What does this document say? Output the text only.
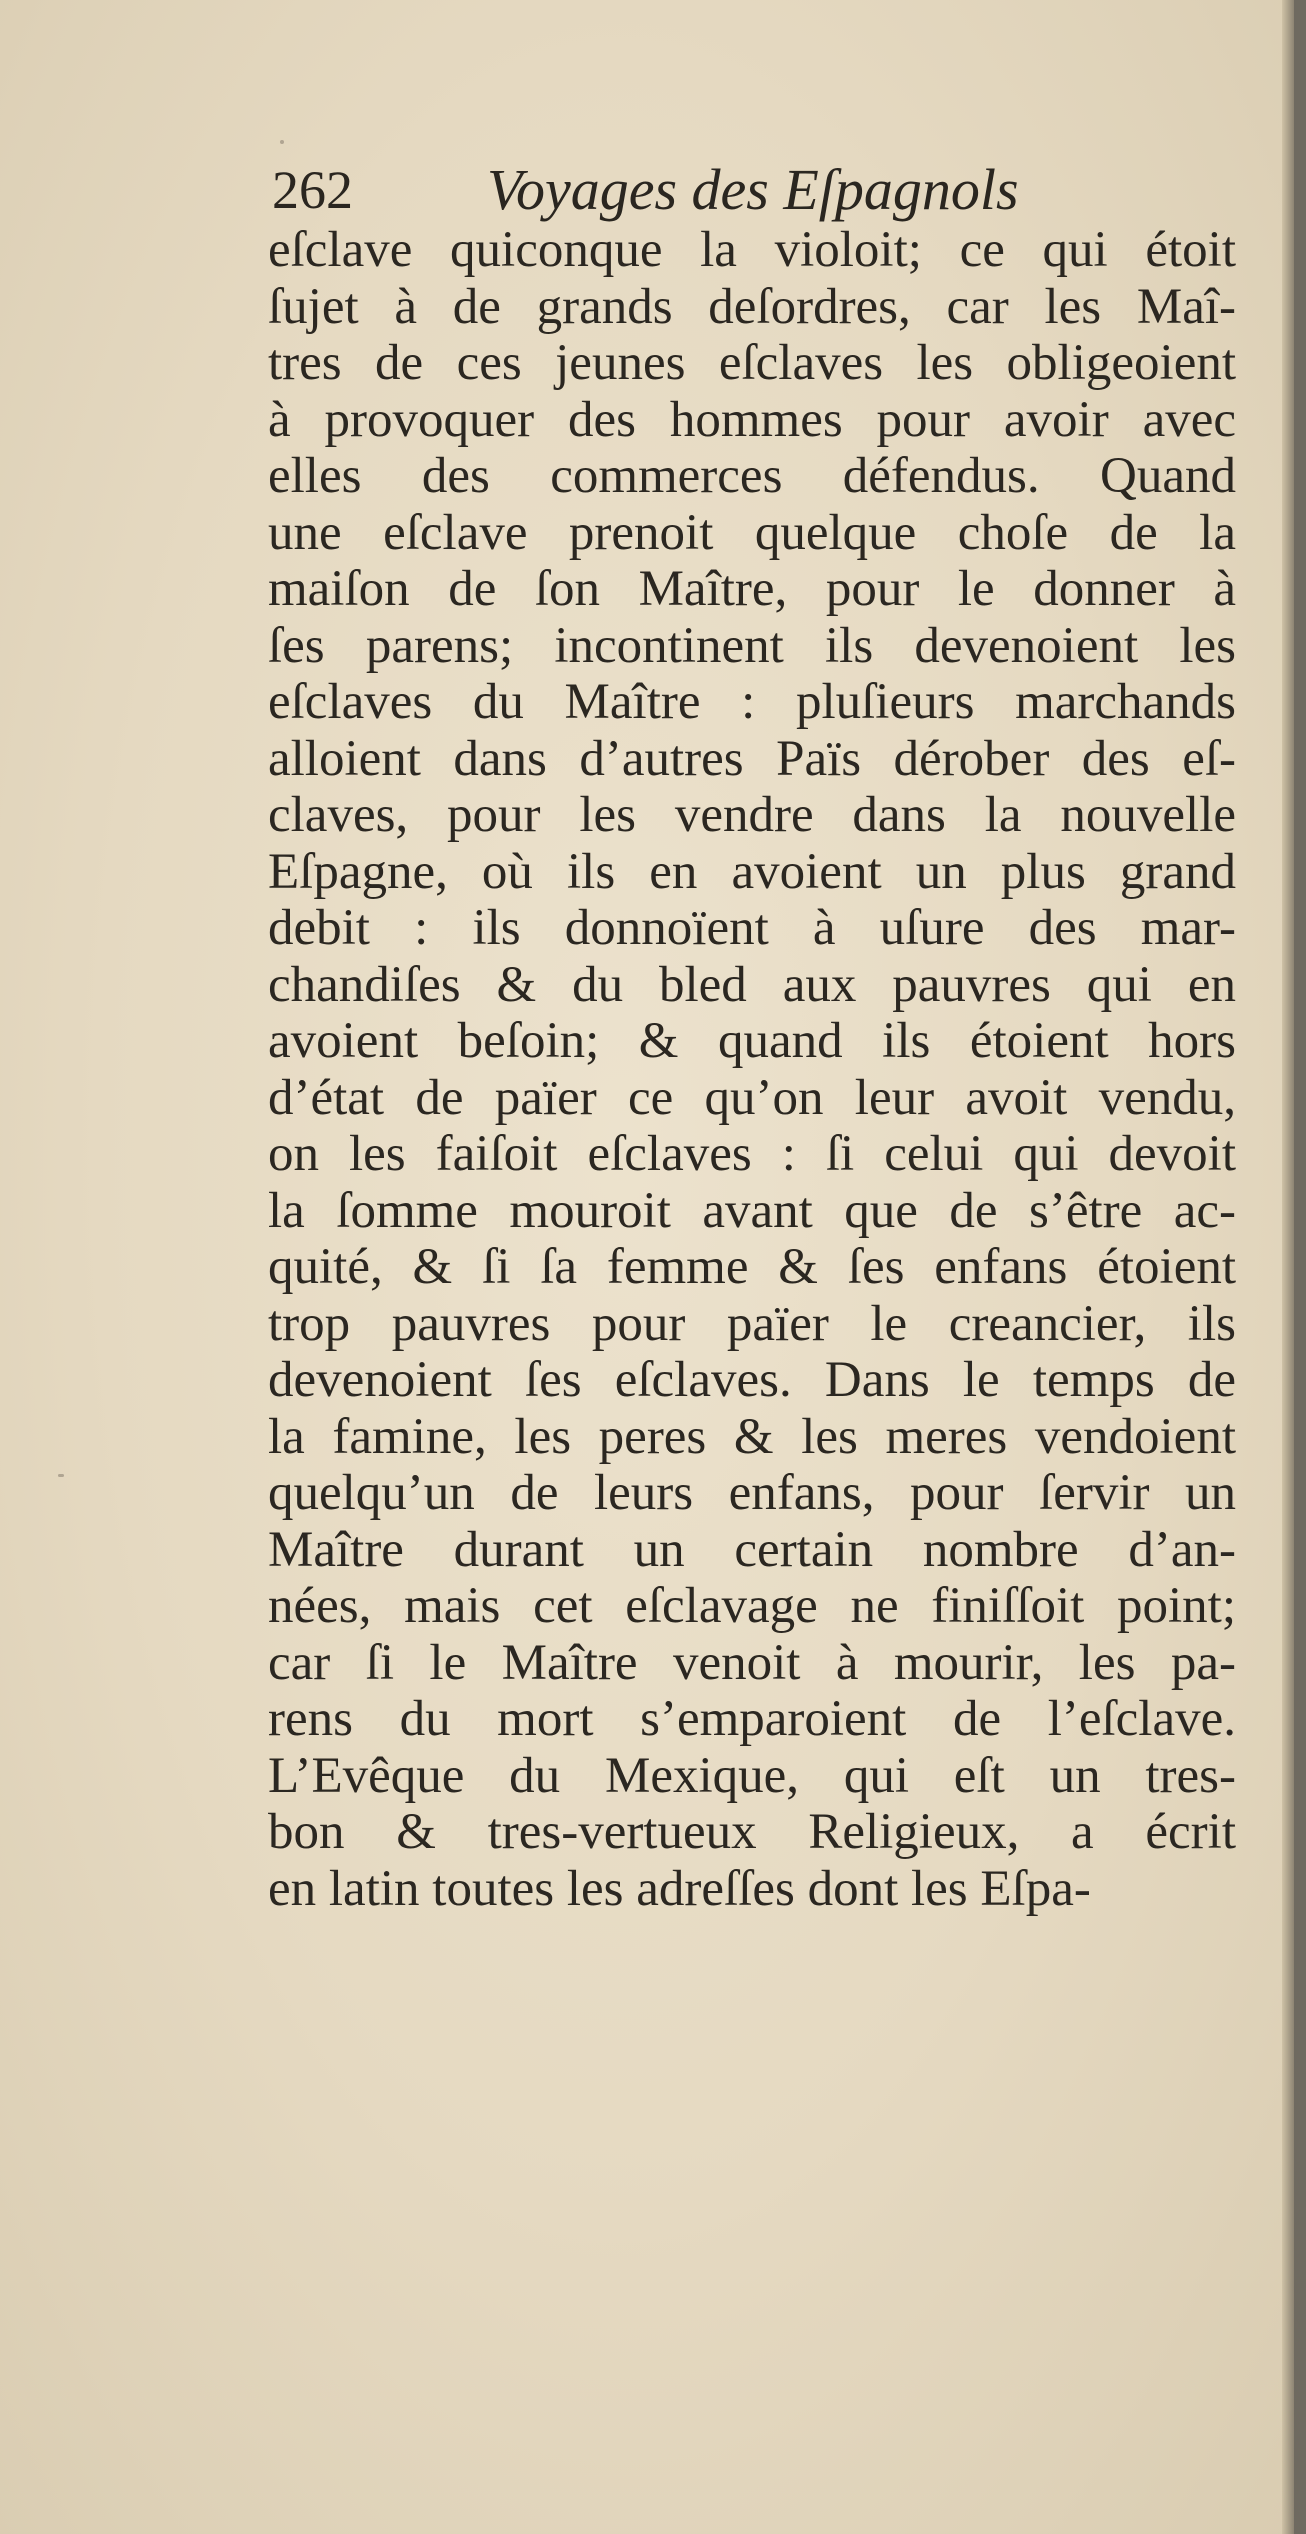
262 Voyages des Eſpagnols
eſclave quiconque la violoit; ce qui étoit
ſujet à de grands deſordres, car les Maî-
tres de ces jeunes eſclaves les obligeoient
à provoquer des hommes pour avoir avec
elles des commerces défendus. Quand
une eſclave prenoit quelque choſe de la
maiſon de ſon Maître, pour le donner à
ſes parens; incontinent ils devenoient les
eſclaves du Maître : pluſieurs marchands
alloient dans d’autres Païs dérober des eſ-
claves, pour les vendre dans la nouvelle
Eſpagne, où ils en avoient un plus grand
debit : ils donnoïent à uſure des mar-
chandiſes & du bled aux pauvres qui en
avoient beſoin; & quand ils étoient hors
d’état de païer ce qu’on leur avoit vendu,
on les faiſoit eſclaves : ſi celui qui devoit
la ſomme mouroit avant que de s’être ac-
quité, & ſi ſa femme & ſes enfans étoient
trop pauvres pour païer le creancier, ils
devenoient ſes eſclaves. Dans le temps de
la famine, les peres & les meres vendoient
quelqu’un de leurs enfans, pour ſervir un
Maître durant un certain nombre d’an-
nées, mais cet eſclavage ne finiſſoit point;
car ſi le Maître venoit à mourir, les pa-
rens du mort s’emparoient de l’eſclave.
L’Evêque du Mexique, qui eſt un tres-
bon & tres-vertueux Religieux, a écrit
en latin toutes les adreſſes dont les Eſpa-
